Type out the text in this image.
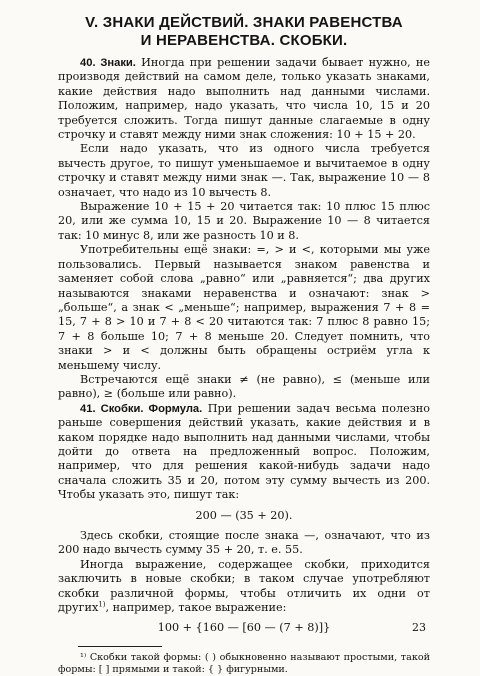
V. ЗНАКИ ДЕЙСТВИЙ. ЗНАКИ РАВЕНСТВА
И НЕРАВЕНСТВА. СКОБКИ.

40. Знаки. Иногда при решении задачи бывает нужно, не производя действий на самом деле, только указать знаками, какие действия надо выполнить над данными числами. Положим, например, надо указать, что числа 10, 15 и 20 требуется сложить. Тогда пишут данные слагаемые в одну строчку и ставят между ними знак сложения: 10 + 15 + 20.

Если надо указать, что из одного числа требуется вычесть другое, то пишут уменьшаемое и вычитаемое в одну строчку и ставят между ними знак —. Так, выражение 10 — 8 означает, что надо из 10 вычесть 8.

Выражение 10 + 15 + 20 читается так: 10 плюс 15 плюс 20, или же сумма 10, 15 и 20. Выражение 10 — 8 читается так: 10 минус 8, или же разность 10 и 8.

Употребительны ещё знаки: =, > и <, которыми мы уже пользовались. Первый называется знаком равенства и заменяет собой слова „равно“ или „равняется“; два других называются знаками неравенства и означают: знак > „больше“, а знак < „меньше“; например, выражения 7 + 8 = 15, 7 + 8 > 10 и 7 + 8 < 20 читаются так: 7 плюс 8 равно 15; 7 + 8 больше 10; 7 + 8 меньше 20. Следует помнить, что знаки > и < должны быть обращены остриём угла к меньшему числу.

Встречаются ещё знаки ≠ (не равно), ≤ (меньше или равно), ≥ (больше или равно).

41. Скобки. Формула. При решении задач весьма полезно раньше совершения действий указать, какие действия и в каком порядке надо выполнить над данными числами, чтобы дойти до ответа на предложенный вопрос. Положим, например, что для решения какой-нибудь задачи надо сначала сложить 35 и 20, потом эту сумму вычесть из 200. Чтобы указать это, пишут так:

200 — (35 + 20).

Здесь скобки, стоящие после знака —, означают, что из 200 надо вычесть сумму 35 + 20, т. е. 55.

Иногда выражение, содержащее скобки, приходится заключить в новые скобки; в таком случае употребляют скобки различной формы, чтобы отличить их одни от других$^{1)}$, например, такое выражение:

100 + {160 — [60 — (7 + 8)]}

¹⁾ Скобки такой формы: ( ) обыкновенно называют простыми, такой формы: [ ] прямыми и такой: { } фигурными.

23
